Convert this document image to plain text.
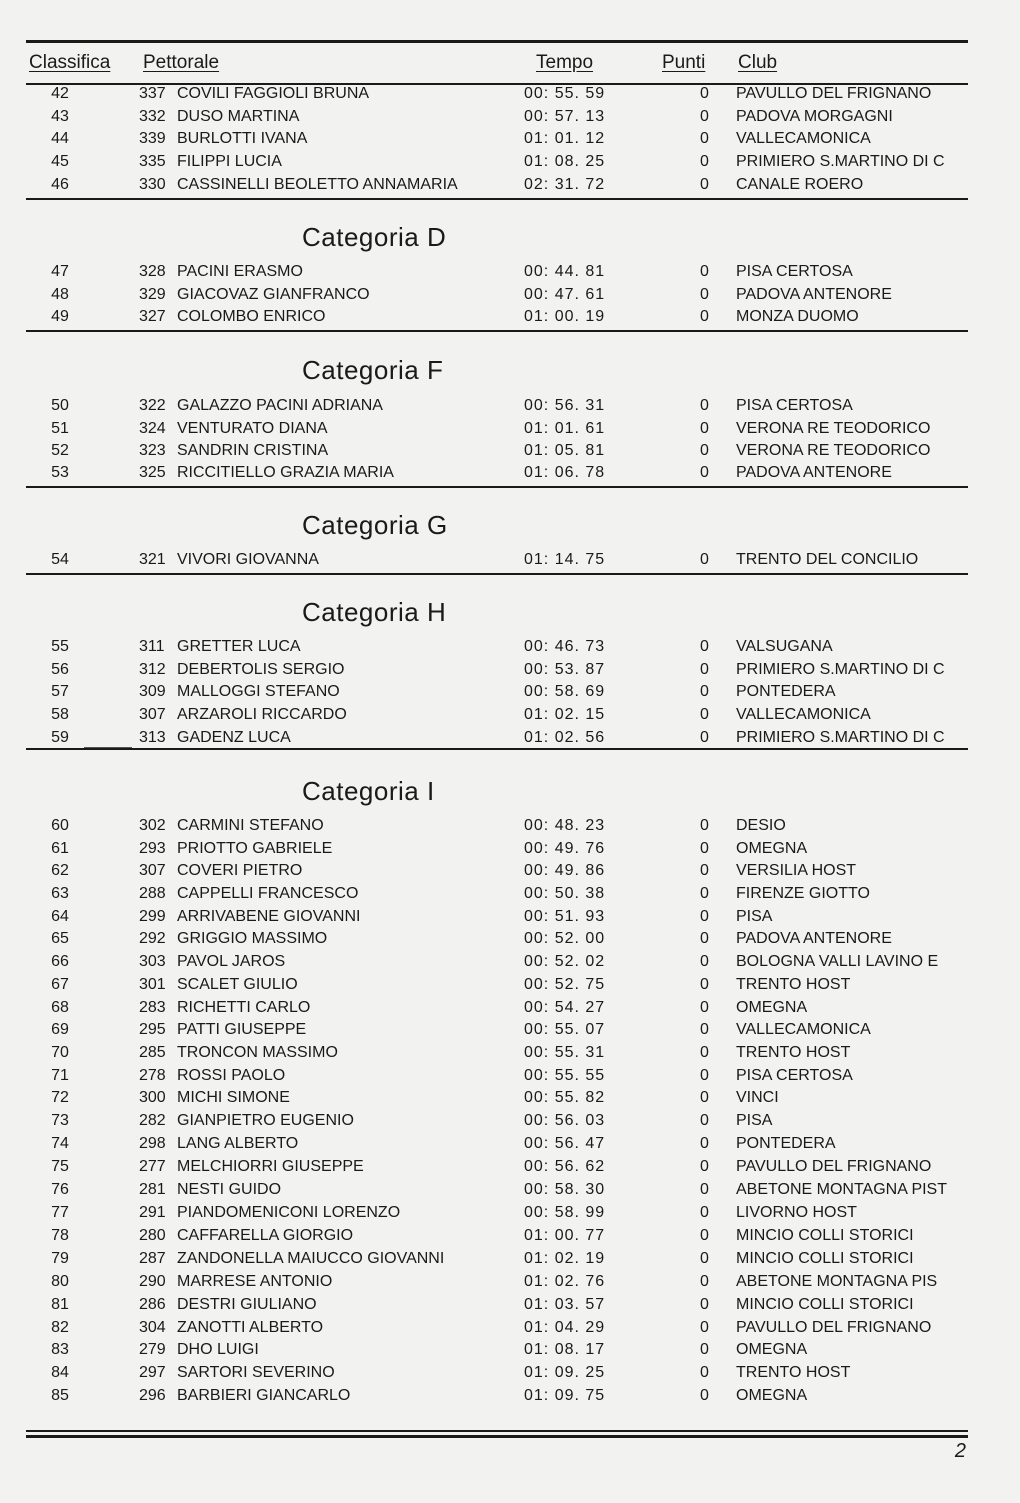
Classifica Pettorale	Tempo	Punti Club
42	337 COVILI FAGGIOLI BRUNA	00: 55. 59	0 PAVULLO DEL FRIGNANO
43	332 DUSO MARTINA	00: 57. 13	0 PADOVA MORGAGNI
44	339 BURLOTTI IVANA	01: 01. 12	0 VALLECAMONICA
45	335 FILIPPI LUCIA	01: 08. 25	0 PRIMIERO S.MARTINO DI C
46	330 CASSINELLI BEOLETTO ANNAMARIA	02: 31. 72	0 CANALE ROERO
Categoria D
47	328 PACINI ERASMO	00: 44. 81	0 PISA CERTOSA
48	329 GIACOVAZ GIANFRANCO	00: 47. 61	0 PADOVA ANTENORE
49	327 COLOMBO ENRICO	01: 00. 19	0 MONZA DUOMO
Categoria F
50	322 GALAZZO PACINI ADRIANA	00: 56. 31	0 PISA CERTOSA
51	324 VENTURATO DIANA	01: 01. 61	0 VERONA RE TEODORICO
52	323 SANDRIN CRISTINA	01: 05. 81	0 VERONA RE TEODORICO
53	325 RICCITIELLO GRAZIA MARIA	01: 06. 78	0 PADOVA ANTENORE
Categoria G
54	321 VIVORI GIOVANNA	01: 14. 75	0 TRENTO DEL CONCILIO
Categoria H
55	311 GRETTER LUCA	00: 46. 73	0 VALSUGANA
56	312 DEBERTOLIS SERGIO	00: 53. 87	0 PRIMIERO S.MARTINO DI C
57	309 MALLOGGI STEFANO	00: 58. 69	0 PONTEDERA
58	307 ARZAROLI RICCARDO	01: 02. 15	0 VALLECAMONICA
59	313 GADENZ LUCA	01: 02. 56	0 PRIMIERO S.MARTINO DI C
Categoria I
60	302 CARMINI STEFANO	00: 48. 23	0 DESIO
61	293 PRIOTTO GABRIELE	00: 49. 76	0 OMEGNA
62	307 COVERI PIETRO	00: 49. 86	0 VERSILIA HOST
63	288 CAPPELLI FRANCESCO	00: 50. 38	0 FIRENZE GIOTTO
64	299 ARRIVABENE GIOVANNI	00: 51. 93	0 PISA
65	292 GRIGGIO MASSIMO	00: 52. 00	0 PADOVA ANTENORE
66	303 PAVOL JAROS	00: 52. 02	0 BOLOGNA VALLI LAVINO E
67	301 SCALET GIULIO	00: 52. 75	0 TRENTO HOST
68	283 RICHETTI CARLO	00: 54. 27	0 OMEGNA
69	295 PATTI GIUSEPPE	00: 55. 07	0 VALLECAMONICA
70	285 TRONCON MASSIMO	00: 55. 31	0 TRENTO HOST
71	278 ROSSI PAOLO	00: 55. 55	0 PISA CERTOSA
72	300 MICHI SIMONE	00: 55. 82	0 VINCI
73	282 GIANPIETRO EUGENIO	00: 56. 03	0 PISA
74	298 LANG ALBERTO	00: 56. 47	0 PONTEDERA
75	277 MELCHIORRI GIUSEPPE	00: 56. 62	0 PAVULLO DEL FRIGNANO
76	281 NESTI GUIDO	00: 58. 30	0 ABETONE MONTAGNA PIST
77	291 PIANDOMENICONI LORENZO	00: 58. 99	0 LIVORNO HOST
78	280 CAFFARELLA GIORGIO	01: 00. 77	0 MINCIO COLLI STORICI
79	287 ZANDONELLA MAIUCCO GIOVANNI	01: 02. 19	0 MINCIO COLLI STORICI
80	290 MARRESE ANTONIO	01: 02. 76	0 ABETONE MONTAGNA PIS
81	286 DESTRI GIULIANO	01: 03. 57	0 MINCIO COLLI STORICI
82	304 ZANOTTI ALBERTO	01: 04. 29	0 PAVULLO DEL FRIGNANO
83	279 DHO LUIGI	01: 08. 17	0 OMEGNA
84	297 SARTORI SEVERINO	01: 09. 25	0 TRENTO HOST
85	296 BARBIERI GIANCARLO	01: 09. 75	0 OMEGNA
2
